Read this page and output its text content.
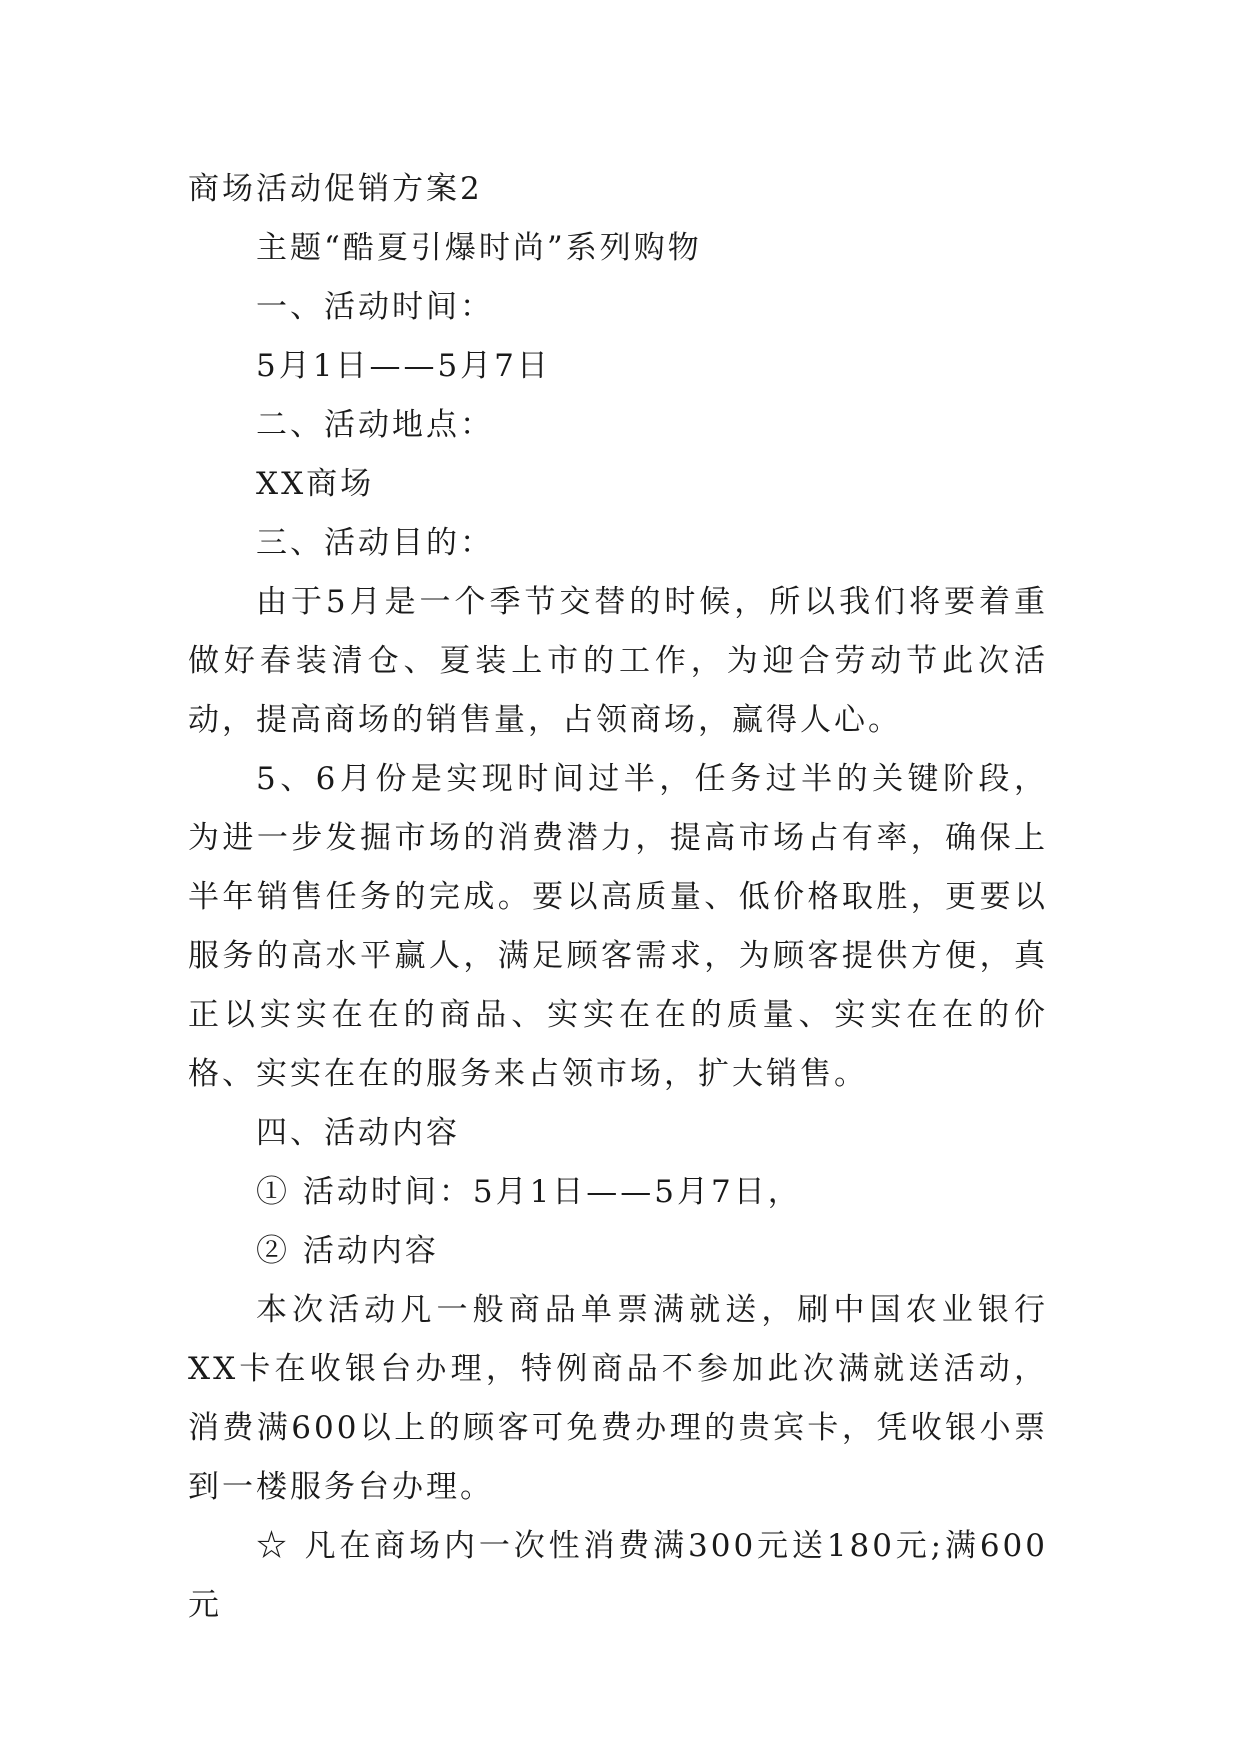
商场活动促销方案2
主题“酷夏引爆时尚”系列购物
一、活动时间：
5月1日——5月7日
二、活动地点：
XX商场
三、活动目的：
由于5月是一个季节交替的时候，所以我们将要着重做好春装清仓、夏装上市的工作，为迎合劳动节此次活动，提高商场的销售量，占领商场，赢得人心。
5、6月份是实现时间过半，任务过半的关键阶段，为进一步发掘市场的消费潜力，提高市场占有率，确保上半年销售任务的完成。要以高质量、低价格取胜，更要以服务的高水平赢人，满足顾客需求，为顾客提供方便，真正以实实在在的商品、实实在在的质量、实实在在的价格、实实在在的服务来占领市场，扩大销售。
四、活动内容
① 活动时间：5月1日——5月7日，
② 活动内容
本次活动凡一般商品单票满就送，刷中国农业银行XX卡在收银台办理，特例商品不参加此次满就送活动，消费满600以上的顾客可免费办理的贵宾卡，凭收银小票到一楼服务台办理。
☆ 凡在商场内一次性消费满300元送180元;满600元
